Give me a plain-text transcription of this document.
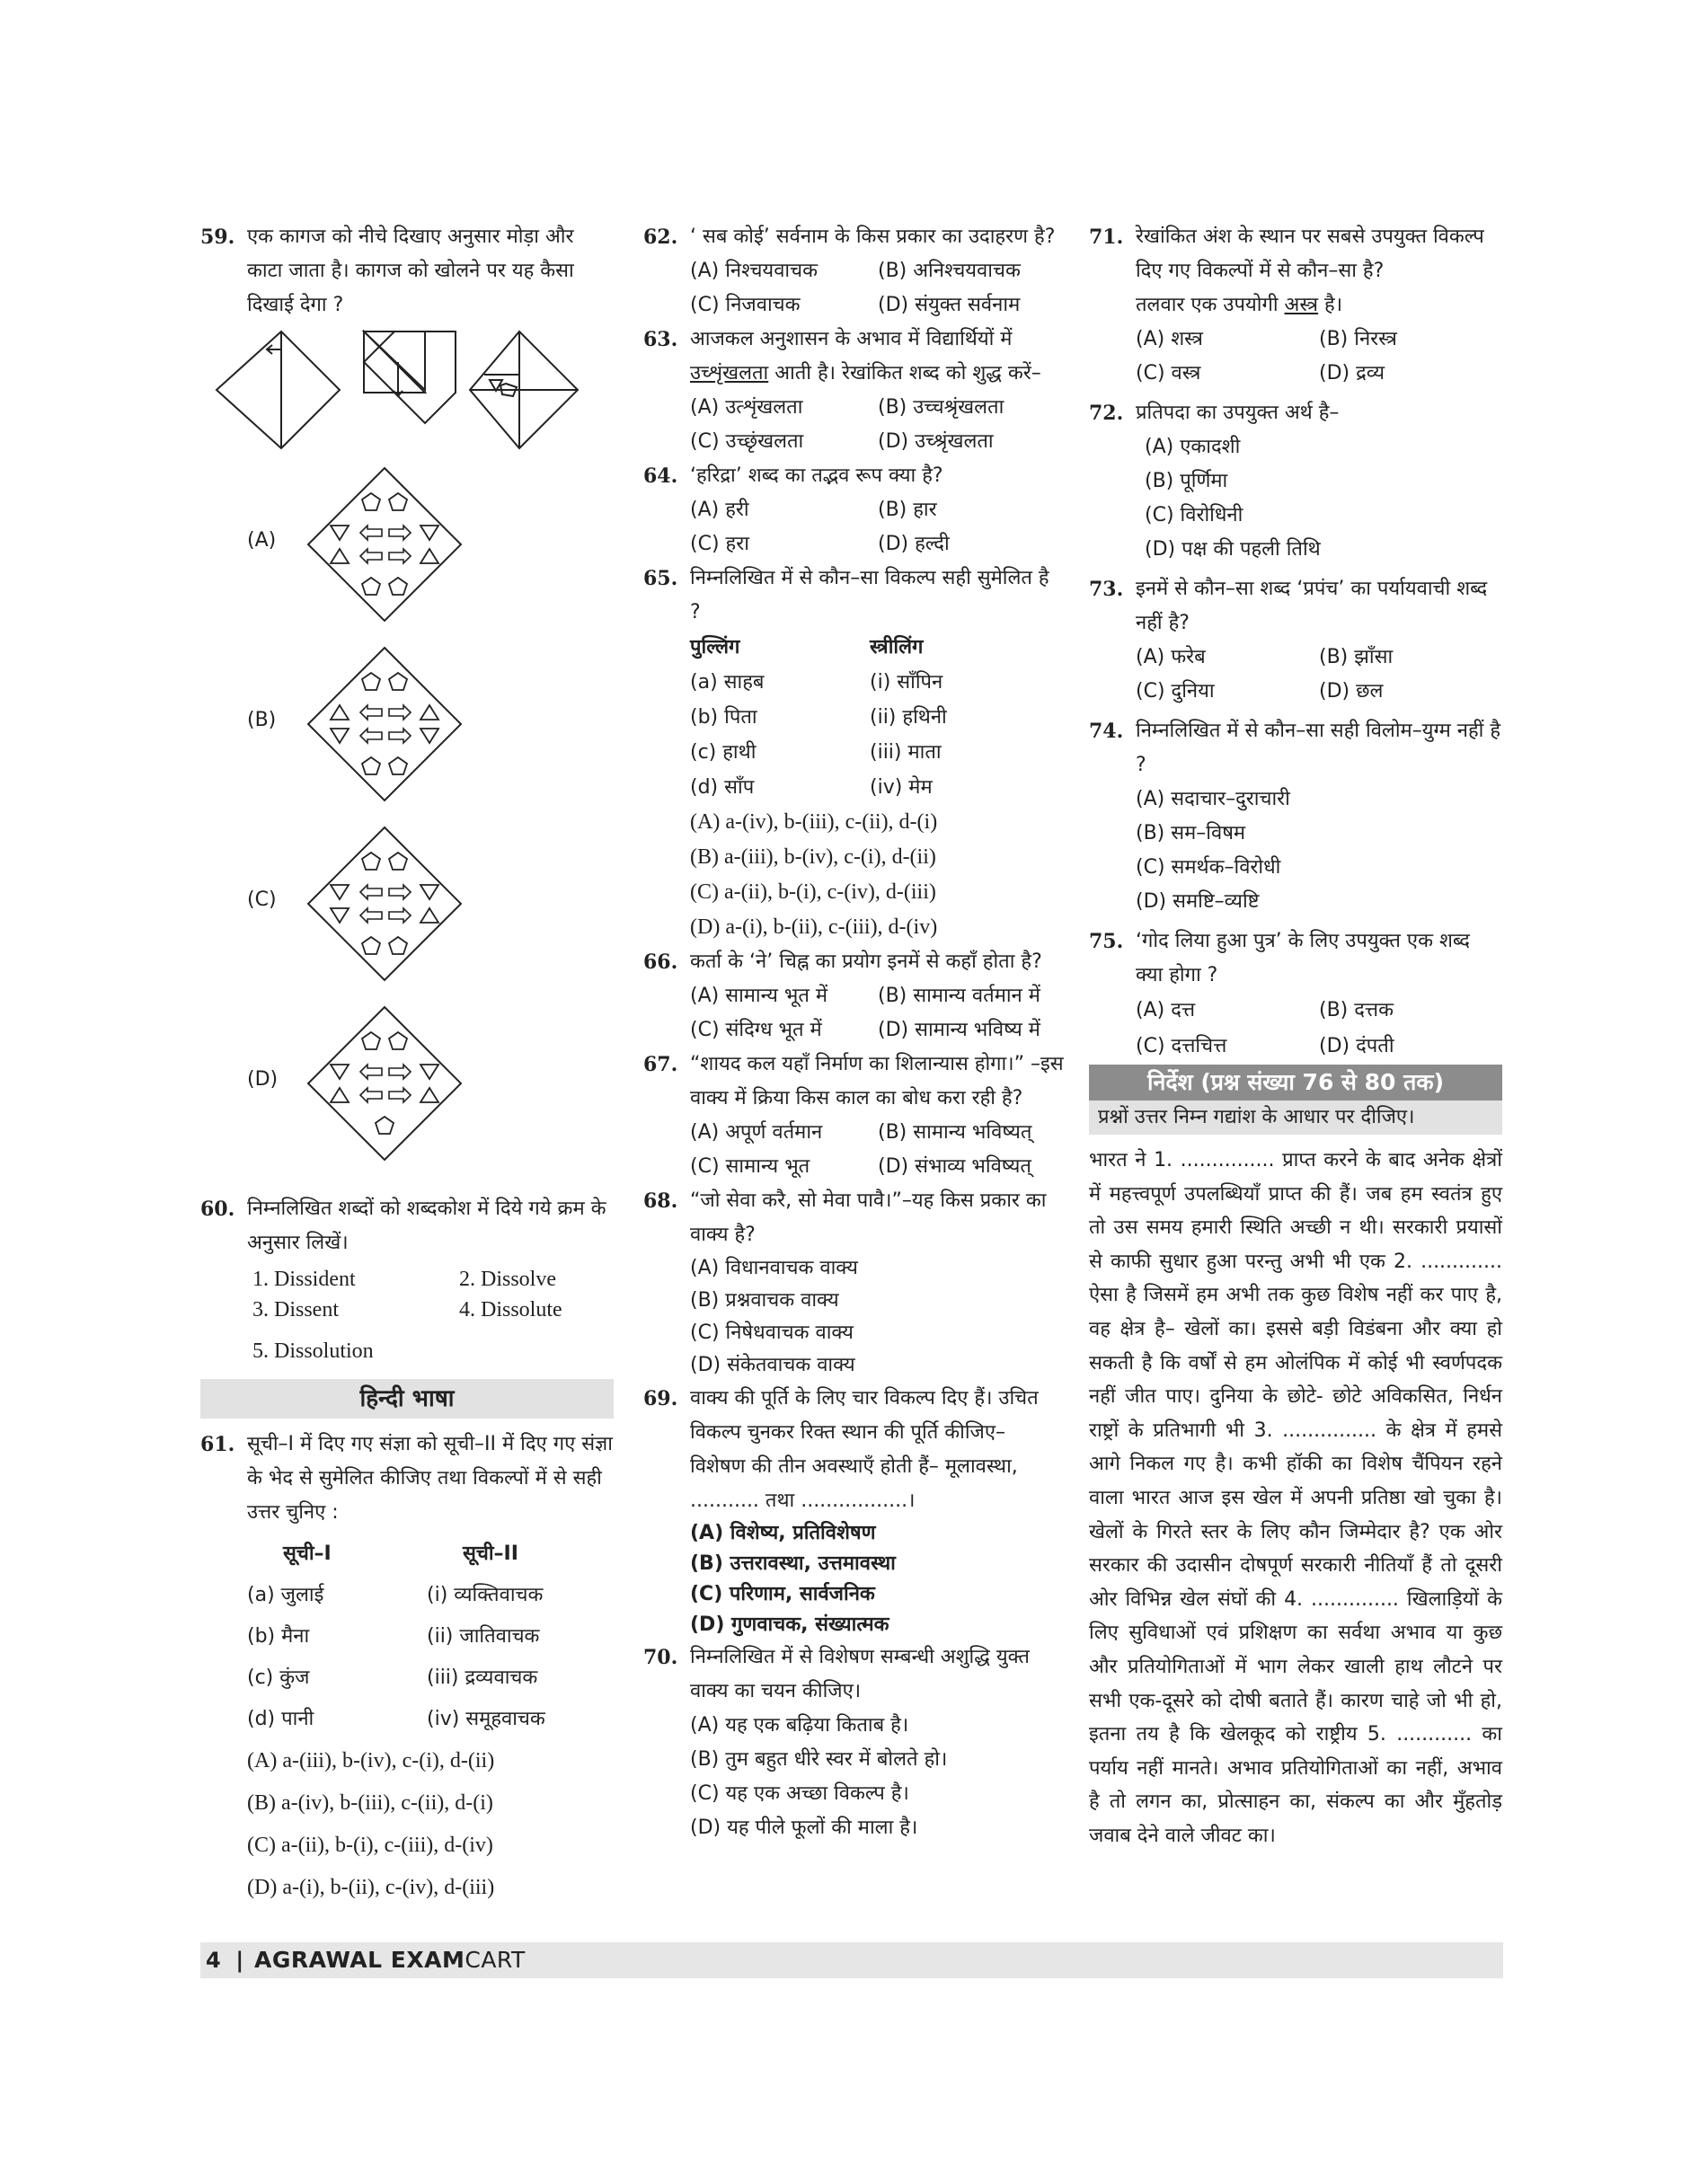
59. एक कागज को नीचे दिखाए अनुसार मोड़ा और काटा जाता है। कागज को खोलने पर यह कैसा दिखाई देगा ?
(A)
(B)
(C)
(D)
60. निम्नलिखित शब्दों को शब्दकोश में दिये गये क्रम के अनुसार लिखें।
1. Dissident	2. Dissolve
3. Dissent	4. Dissolute
5. Dissolution
हिन्दी भाषा
61. सूची–I में दिए गए संज्ञा को सूची–II में दिए गए संज्ञा के भेद से सुमेलित कीजिए तथा विकल्पों में से सही उत्तर चुनिए :
सूची–I	सूची–II
(a) जुलाई	(i) व्यक्तिवाचक
(b) मैना	(ii) जातिवाचक
(c) कुंज	(iii) द्रव्यवाचक
(d) पानी	(iv) समूहवाचक
(A) a-(iii), b-(iv), c-(i), d-(ii)
(B) a-(iv), b-(iii), c-(ii), d-(i)
(C) a-(ii), b-(i), c-(iii), d-(iv)
(D) a-(i), b-(ii), c-(iv), d-(iii)
62. ‘ सब कोई’ सर्वनाम के किस प्रकार का उदाहरण है?
(A) निश्चयवाचक	(B) अनिश्चयवाचक
(C) निजवाचक	(D) संयुक्त सर्वनाम
63. आजकल अनुशासन के अभाव में विद्यार्थियों में उच्शृंखलता आती है। रेखांकित शब्द को शुद्ध करें–
(A) उत्शृंखलता	(B) उच्चश्रृंखलता
(C) उच्छृंखलता	(D) उच्श्रृंखलता
64. ‘हरिद्रा’ शब्द का तद्भव रूप क्या है?
(A) हरी	(B) हार
(C) हरा	(D) हल्दी
65. निम्नलिखित में से कौन–सा विकल्प सही सुमेलित है ?
पुल्लिंग	स्त्रीलिंग
(a) साहब	(i) साँपिन
(b) पिता	(ii) हथिनी
(c) हाथी	(iii) माता
(d) साँप	(iv) मेम
(A) a-(iv), b-(iii), c-(ii), d-(i)
(B) a-(iii), b-(iv), c-(i), d-(ii)
(C) a-(ii), b-(i), c-(iv), d-(iii)
(D) a-(i), b-(ii), c-(iii), d-(iv)
66. कर्ता के ‘ने’ चिह्न का प्रयोग इनमें से कहाँ होता है?
(A) सामान्य भूत में	(B) सामान्य वर्तमान में
(C) संदिग्ध भूत में	(D) सामान्य भविष्य में
67. “शायद कल यहाँ निर्माण का शिलान्यास होगा।” –इस वाक्य में क्रिया किस काल का बोध करा रही है?
(A) अपूर्ण वर्तमान	(B) सामान्य भविष्यत्
(C) सामान्य भूत	(D) संभाव्य भविष्यत्
68. “जो सेवा करै, सो मेवा पावै।”–यह किस प्रकार का वाक्य है?
(A) विधानवाचक वाक्य
(B) प्रश्नवाचक वाक्य
(C) निषेधवाचक वाक्य
(D) संकेतवाचक वाक्य
69. वाक्य की पूर्ति के लिए चार विकल्प दिए हैं। उचित विकल्प चुनकर रिक्त स्थान की पूर्ति कीजिए– विशेषण की तीन अवस्थाएँ होती हैं– मूलावस्था, ........... तथा .................।
(A) विशेष्य, प्रतिविशेषण
(B) उत्तरावस्था, उत्तमावस्था
(C) परिणाम, सार्वजनिक
(D) गुणवाचक, संख्यात्मक
70. निम्नलिखित में से विशेषण सम्बन्धी अशुद्धि युक्त वाक्य का चयन कीजिए।
(A) यह एक बढ़िया किताब है।
(B) तुम बहुत धीरे स्वर में बोलते हो।
(C) यह एक अच्छा विकल्प है।
(D) यह पीले फूलों की माला है।
71. रेखांकित अंश के स्थान पर सबसे उपयुक्त विकल्प दिए गए विकल्पों में से कौन–सा है?
तलवार एक उपयोगी अस्त्र है।
(A) शस्त्र	(B) निरस्त्र
(C) वस्त्र	(D) द्रव्य
72. प्रतिपदा का उपयुक्त अर्थ है–
(A) एकादशी
(B) पूर्णिमा
(C) विरोधिनी
(D) पक्ष की पहली तिथि
73. इनमें से कौन–सा शब्द ‘प्रपंच’ का पर्यायवाची शब्द नहीं है?
(A) फरेब	(B) झाँसा
(C) दुनिया	(D) छल
74. निम्नलिखित में से कौन–सा सही विलोम–युग्म नहीं है ?
(A) सदाचार–दुराचारी
(B) सम–विषम
(C) समर्थक–विरोधी
(D) समष्टि–व्यष्टि
75. ‘गोद लिया हुआ पुत्र’ के लिए उपयुक्त एक शब्द क्या होगा ?
(A) दत्त	(B) दत्तक
(C) दत्तचित्त	(D) दंपती
निर्देश (प्रश्न संख्या 76 से 80 तक)
प्रश्नों उत्तर निम्न गद्यांश के आधार पर दीजिए।
भारत ने 1. ............... प्राप्त करने के बाद अनेक क्षेत्रों में महत्त्वपूर्ण उपलब्धियाँ प्राप्त की हैं। जब हम स्वतंत्र हुए तो उस समय हमारी स्थिति अच्छी न थी। सरकारी प्रयासों से काफी सुधार हुआ परन्तु अभी भी एक 2. ............. ऐसा है जिसमें हम अभी तक कुछ विशेष नहीं कर पाए है, वह क्षेत्र है– खेलों का। इससे बड़ी विडंबना और क्या हो सकती है कि वर्षों से हम ओलंपिक में कोई भी स्वर्णपदक नहीं जीत पाए। दुनिया के छोटे- छोटे अविकसित, निर्धन राष्ट्रों के प्रतिभागी भी 3. ............... के क्षेत्र में हमसे आगे निकल गए है। कभी हॉकी का विशेष चैंपियन रहने वाला भारत आज इस खेल में अपनी प्रतिष्ठा खो चुका है। खेलों के गिरते स्तर के लिए कौन जिम्मेदार है? एक ओर सरकार की उदासीन दोषपूर्ण सरकारी नीतियाँ हैं तो दूसरी ओर विभिन्न खेल संघों की 4. .............. खिलाड़ियों के लिए सुविधाओं एवं प्रशिक्षण का सर्वथा अभाव या कुछ और प्रतियोगिताओं में भाग लेकर खाली हाथ लौटने पर सभी एक-दूसरे को दोषी बताते हैं। कारण चाहे जो भी हो, इतना तय है कि खेलकूद को राष्ट्रीय 5. ............ का पर्याय नहीं मानते। अभाव प्रतियोगिताओं का नहीं, अभाव है तो लगन का, प्रोत्साहन का, संकल्प का और मुँहतोड़ जवाब देने वाले जीवट का।
4 | AGRAWAL EXAMCART
